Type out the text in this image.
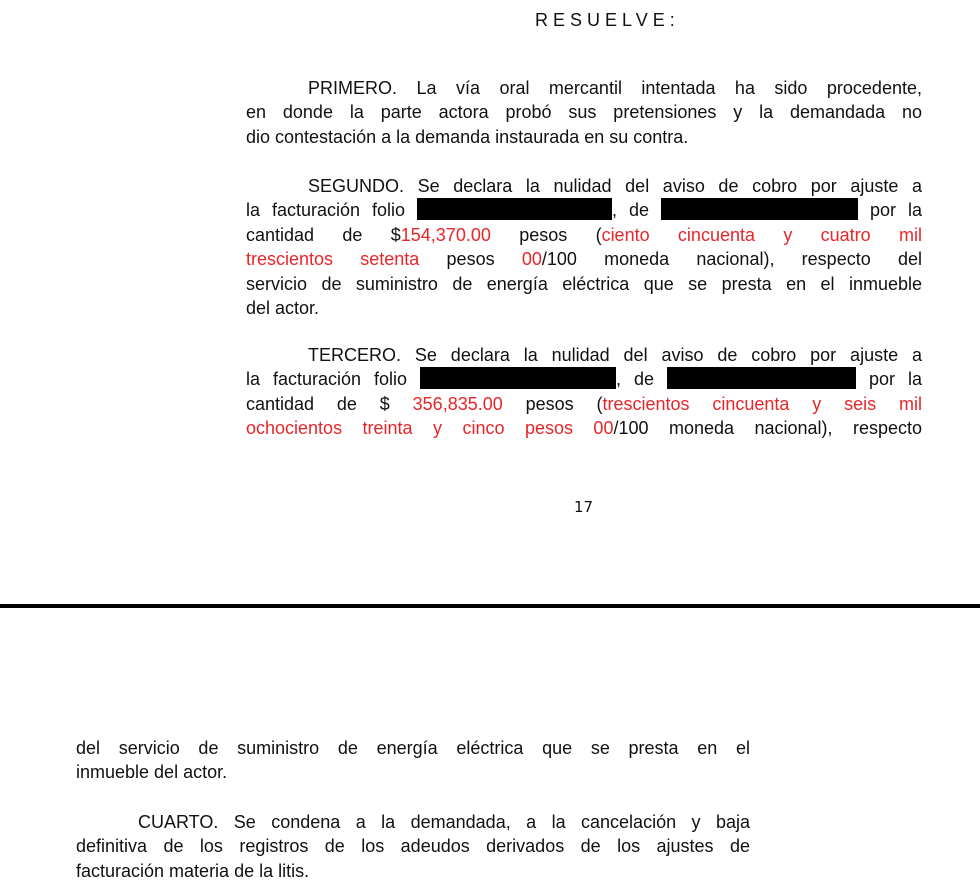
RESUELVE:
PRIMERO. La vía oral mercantil intentada ha sido procedente,
en donde la parte actora probó sus pretensiones y la demandada no
dio contestación a la demanda instaurada en su contra.
SEGUNDO. Se declara la nulidad del aviso de cobro por ajuste a
la facturación folio	, de	por la
cantidad de $154,370.00 pesos (ciento cincuenta y cuatro mil
trescientos setenta pesos 00/100 moneda nacional), respecto del
servicio de suministro de energía eléctrica que se presta en el inmueble
del actor.
TERCERO. Se declara la nulidad del aviso de cobro por ajuste a
la facturación folio	, de	por la
cantidad de $ 356,835.00 pesos (trescientos cincuenta y seis mil
ochocientos treinta y cinco pesos 00/100 moneda nacional), respecto
17
del servicio de suministro de energía eléctrica que se presta en el
inmueble del actor.
CUARTO. Se condena a la demandada, a la cancelación y baja
definitiva de los registros de los adeudos derivados de los ajustes de
facturación materia de la litis.
